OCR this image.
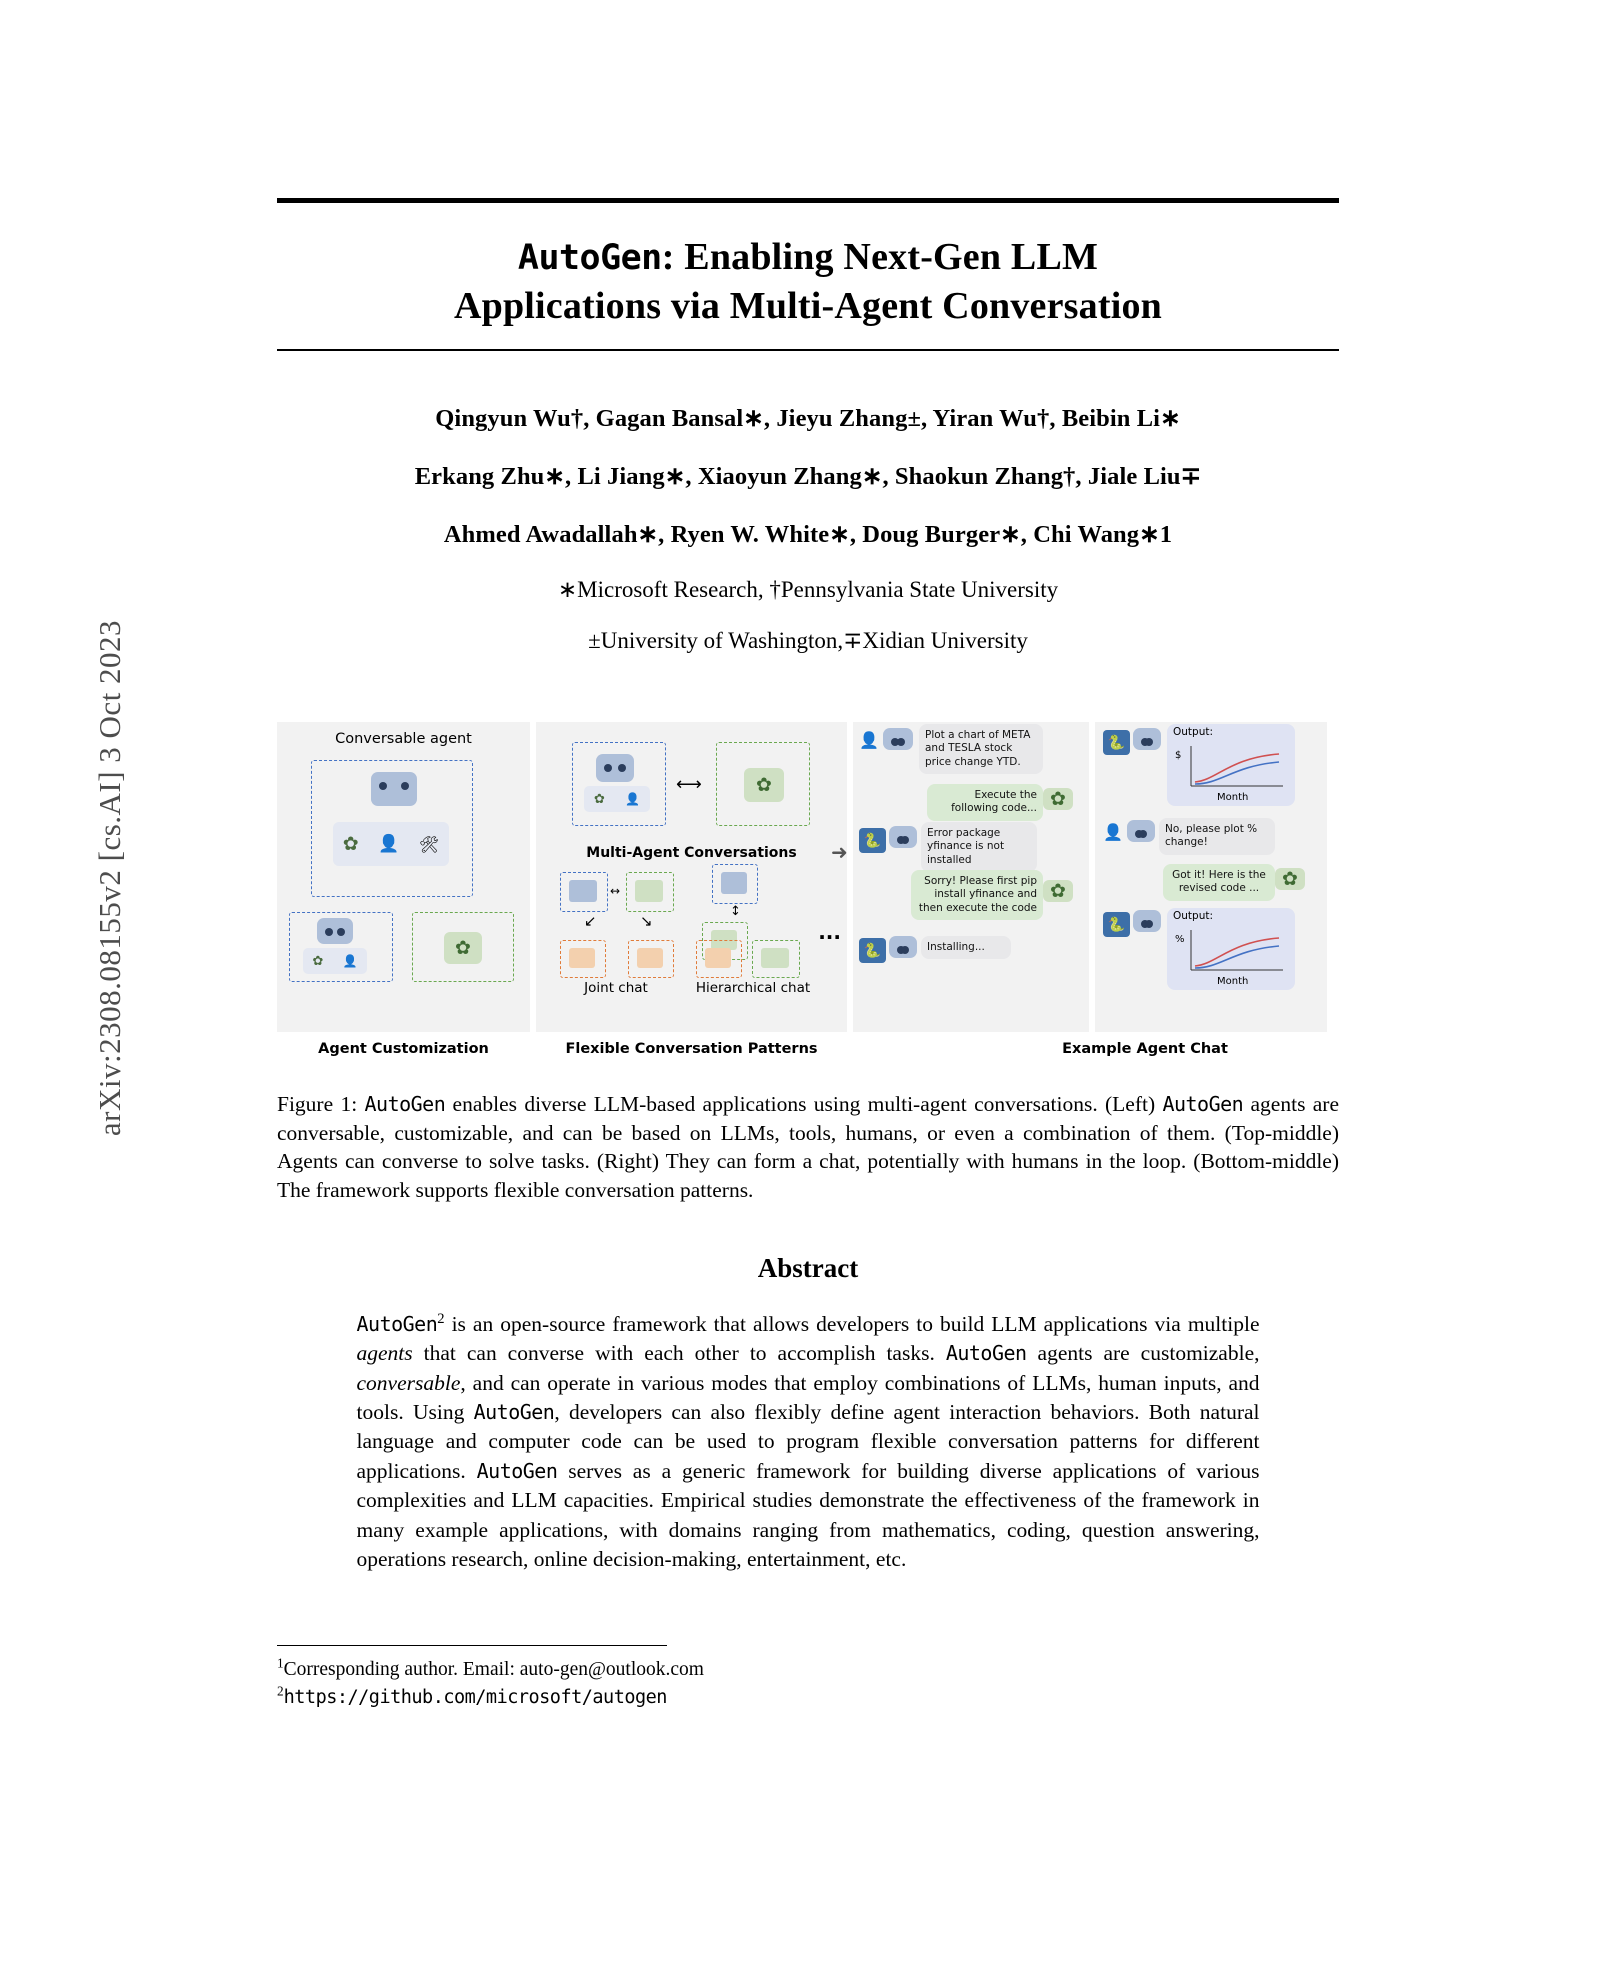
arXiv:2308.08155v2 [cs.AI] 3 Oct 2023
AutoGen: Enabling Next-Gen LLM
Applications via Multi-Agent Conversation
Qingyun Wu†, Gagan Bansal∗, Jieyu Zhang±, Yiran Wu†, Beibin Li∗
Erkang Zhu∗, Li Jiang∗, Xiaoyun Zhang∗, Shaokun Zhang†, Jiale Liu∓
Ahmed Awadallah∗, Ryen W. White∗, Doug Burger∗, Chi Wang∗1
∗Microsoft Research, †Pennsylvania State University
±University of Washington,∓Xidian University
Conversable agent
✿ 👤 🛠
✿ 👤
✿
Agent Customization
✿ 👤
⟷
✿
Multi-Agent Conversations
↔
↙	↘
Joint chat
↕
Hierarchical chat
...
Flexible Conversation Patterns
➜
👤
Plot a chart of META and TESLA stock price change YTD.
Execute the following code...
✿
🐍
Error package yfinance is not installed
Sorry! Please first pip install yfinance and then execute the code
✿
🐍
Installing...
🐍
Output:
$
Month
👤
No, please plot % change!
Got it! Here is the revised code ...
✿
🐍
Output:
%
Month
Example Agent Chat
Figure 1: AutoGen enables diverse LLM-based applications using multi-agent conversations. (Left) AutoGen agents are conversable, customizable, and can be based on LLMs, tools, humans, or even a combination of them. (Top-middle) Agents can converse to solve tasks. (Right) They can form a chat, potentially with humans in the loop. (Bottom-middle) The framework supports flexible conversation patterns.
Abstract
AutoGen$^2$ is an open-source framework that allows developers to build LLM applications via multiple agents that can converse with each other to accomplish tasks. AutoGen agents are customizable, conversable, and can operate in various modes that employ combinations of LLMs, human inputs, and tools. Using AutoGen, developers can also flexibly define agent interaction behaviors. Both natural language and computer code can be used to program flexible conversation patterns for different applications. AutoGen serves as a generic framework for building diverse applications of various complexities and LLM capacities. Empirical studies demonstrate the effectiveness of the framework in many example applications, with domains ranging from mathematics, coding, question answering, operations research, online decision-making, entertainment, etc.
$^1$Corresponding author. Email: auto-gen@outlook.com
$^2$https://github.com/microsoft/autogen
